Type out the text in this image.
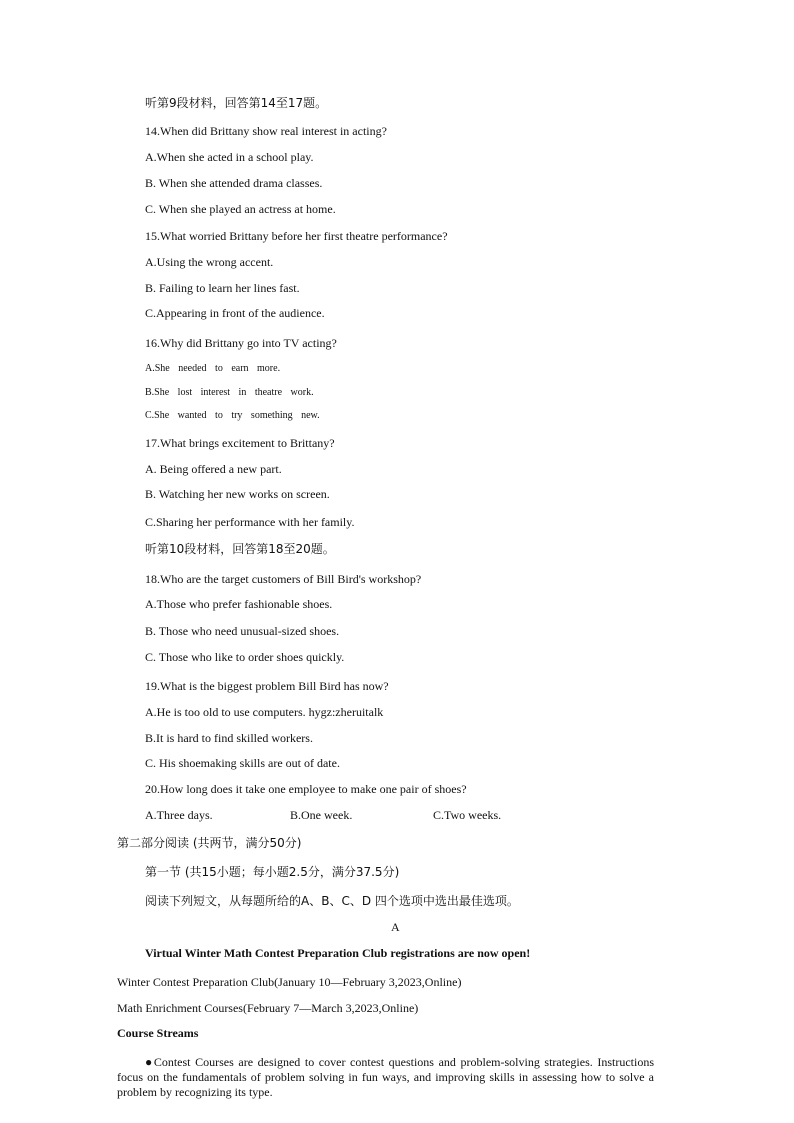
听第9段材料，回答第14至17题。
14.When did Brittany show real interest in acting?
A.When she acted in a school play.
B. When she attended drama classes.
C. When she played an actress at home.
15.What worried Brittany before her first theatre performance?
A.Using the wrong accent.
B. Failing to learn her lines fast.
C.Appearing in front of the audience.
16.Why did Brittany go into TV acting?
A.She needed to earn more.
B.She lost interest in theatre work.
C.She wanted to try something new.
17.What brings excitement to Brittany?
A. Being offered a new part.
B. Watching her new works on screen.
C.Sharing her performance with her family.
听第10段材料，回答第18至20题。
18.Who are the target customers of Bill Bird's workshop?
A.Those who prefer fashionable shoes.
B. Those who need unusual-sized shoes.
C. Those who like to order shoes quickly.
19.What is the biggest problem Bill Bird has now?
A.He is too old to use computers. hygz:zheruitalk
B.It is hard to find skilled workers.
C. His shoemaking skills are out of date.
20.How long does it take one employee to make one pair of shoes?
A.Three days.	B.One week.	C.Two weeks.
第二部分阅读 (共两节，满分50分)
第一节 (共15小题；每小题2.5分，满分37.5分)
阅读下列短文，从每题所给的A、B、C、D 四个选项中选出最佳选项。
A
Virtual Winter Math Contest Preparation Club registrations are now open!
Winter Contest Preparation Club(January 10—February 3,2023,Online)
Math Enrichment Courses(February 7—March 3,2023,Online)
Course Streams
●Contest Courses are designed to cover contest questions and problem-solving strategies. Instructions focus on the fundamentals of problem solving in fun ways, and improving skills in assessing how to solve a problem by recognizing its type.
